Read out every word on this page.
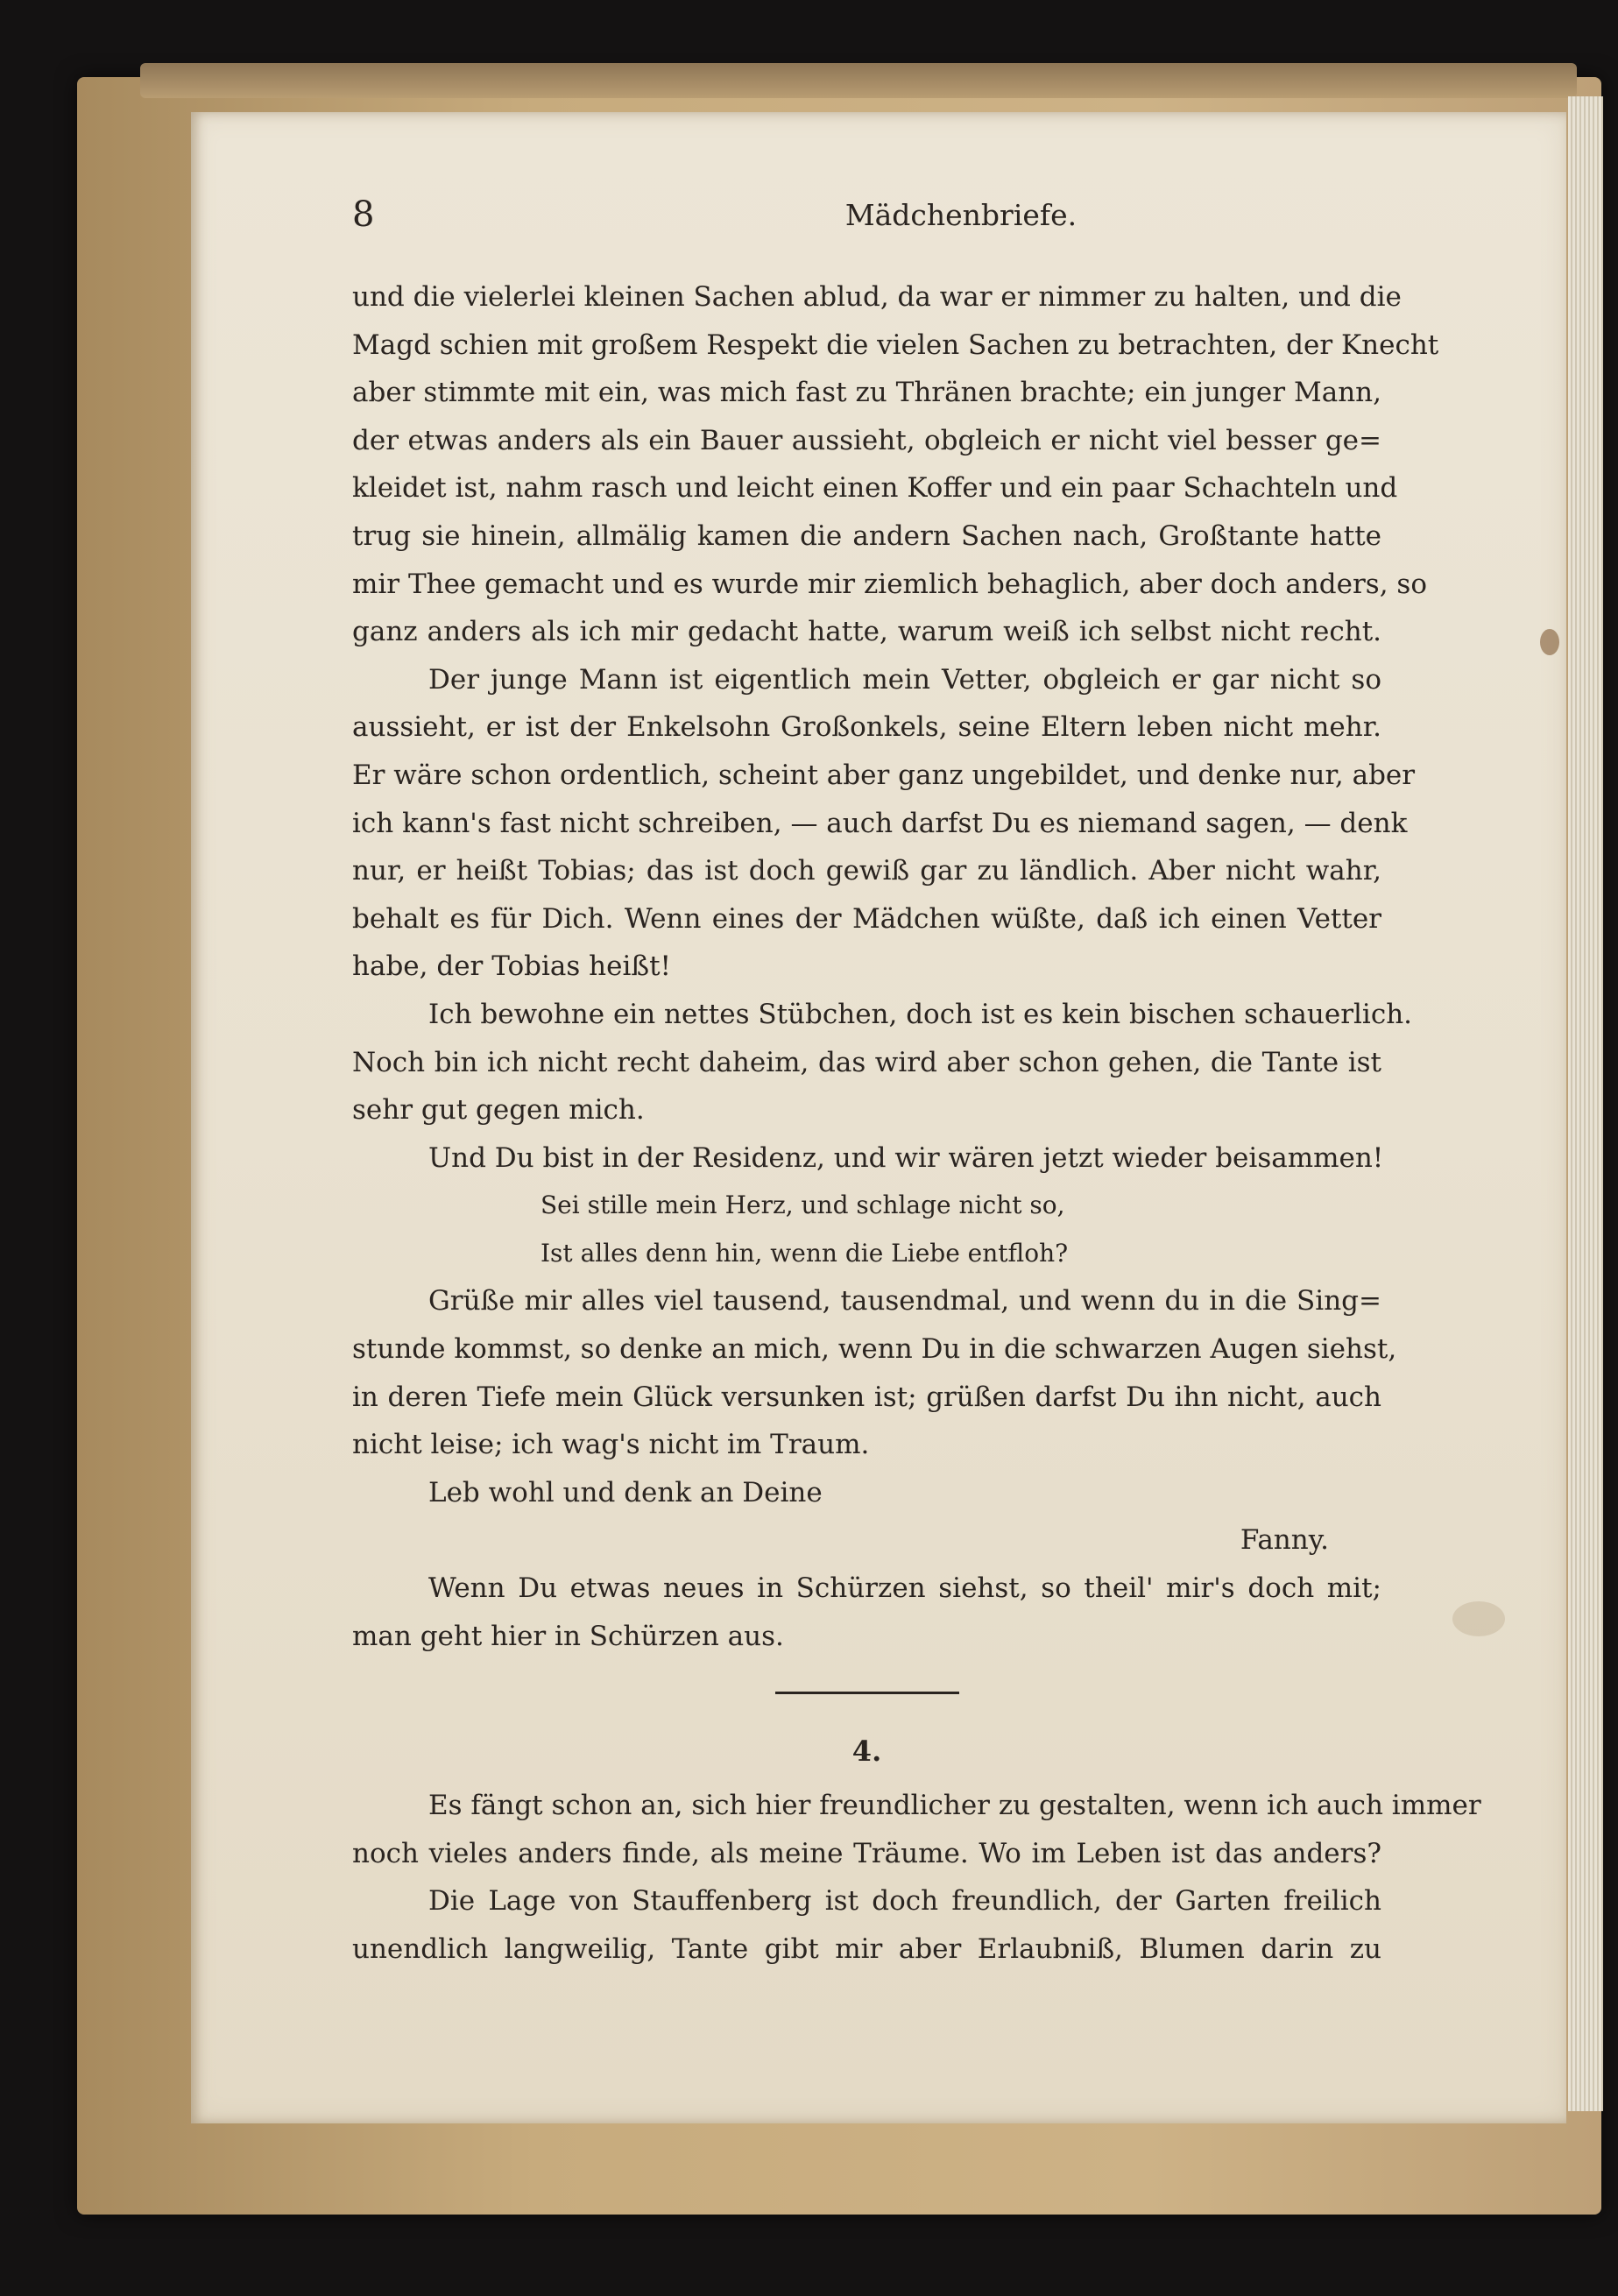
8	Mädchenbriefe.
und die vielerlei kleinen Sachen ablud, da war er nimmer zu halten, und die
Magd schien mit großem Respekt die vielen Sachen zu betrachten, der Knecht
aber stimmte mit ein, was mich fast zu Thränen brachte; ein junger Mann,
der etwas anders als ein Bauer aussieht, obgleich er nicht viel besser ge=
kleidet ist, nahm rasch und leicht einen Koffer und ein paar Schachteln und
trug sie hinein, allmälig kamen die andern Sachen nach, Großtante hatte
mir Thee gemacht und es wurde mir ziemlich behaglich, aber doch anders, so
ganz anders als ich mir gedacht hatte, warum weiß ich selbst nicht recht.
Der junge Mann ist eigentlich mein Vetter, obgleich er gar nicht so
aussieht, er ist der Enkelsohn Großonkels, seine Eltern leben nicht mehr.
Er wäre schon ordentlich, scheint aber ganz ungebildet, und denke nur, aber
ich kann's fast nicht schreiben, — auch darfst Du es niemand sagen, — denk
nur, er heißt Tobias; das ist doch gewiß gar zu ländlich. Aber nicht wahr,
behalt es für Dich. Wenn eines der Mädchen wüßte, daß ich einen Vetter
habe, der Tobias heißt!
Ich bewohne ein nettes Stübchen, doch ist es kein bischen schauerlich.
Noch bin ich nicht recht daheim, das wird aber schon gehen, die Tante ist
sehr gut gegen mich.
Und Du bist in der Residenz, und wir wären jetzt wieder beisammen!
Sei stille mein Herz, und schlage nicht so,
Ist alles denn hin, wenn die Liebe entfloh?
Grüße mir alles viel tausend, tausendmal, und wenn du in die Sing=
stunde kommst, so denke an mich, wenn Du in die schwarzen Augen siehst,
in deren Tiefe mein Glück versunken ist; grüßen darfst Du ihn nicht, auch
nicht leise; ich wag's nicht im Traum.
Leb wohl und denk an Deine
Fanny.
Wenn Du etwas neues in Schürzen siehst, so theil' mir's doch mit;
man geht hier in Schürzen aus.
4.
Es fängt schon an, sich hier freundlicher zu gestalten, wenn ich auch immer
noch vieles anders finde, als meine Träume. Wo im Leben ist das anders?
Die Lage von Stauffenberg ist doch freundlich, der Garten freilich
unendlich langweilig, Tante gibt mir aber Erlaubniß, Blumen darin zu
